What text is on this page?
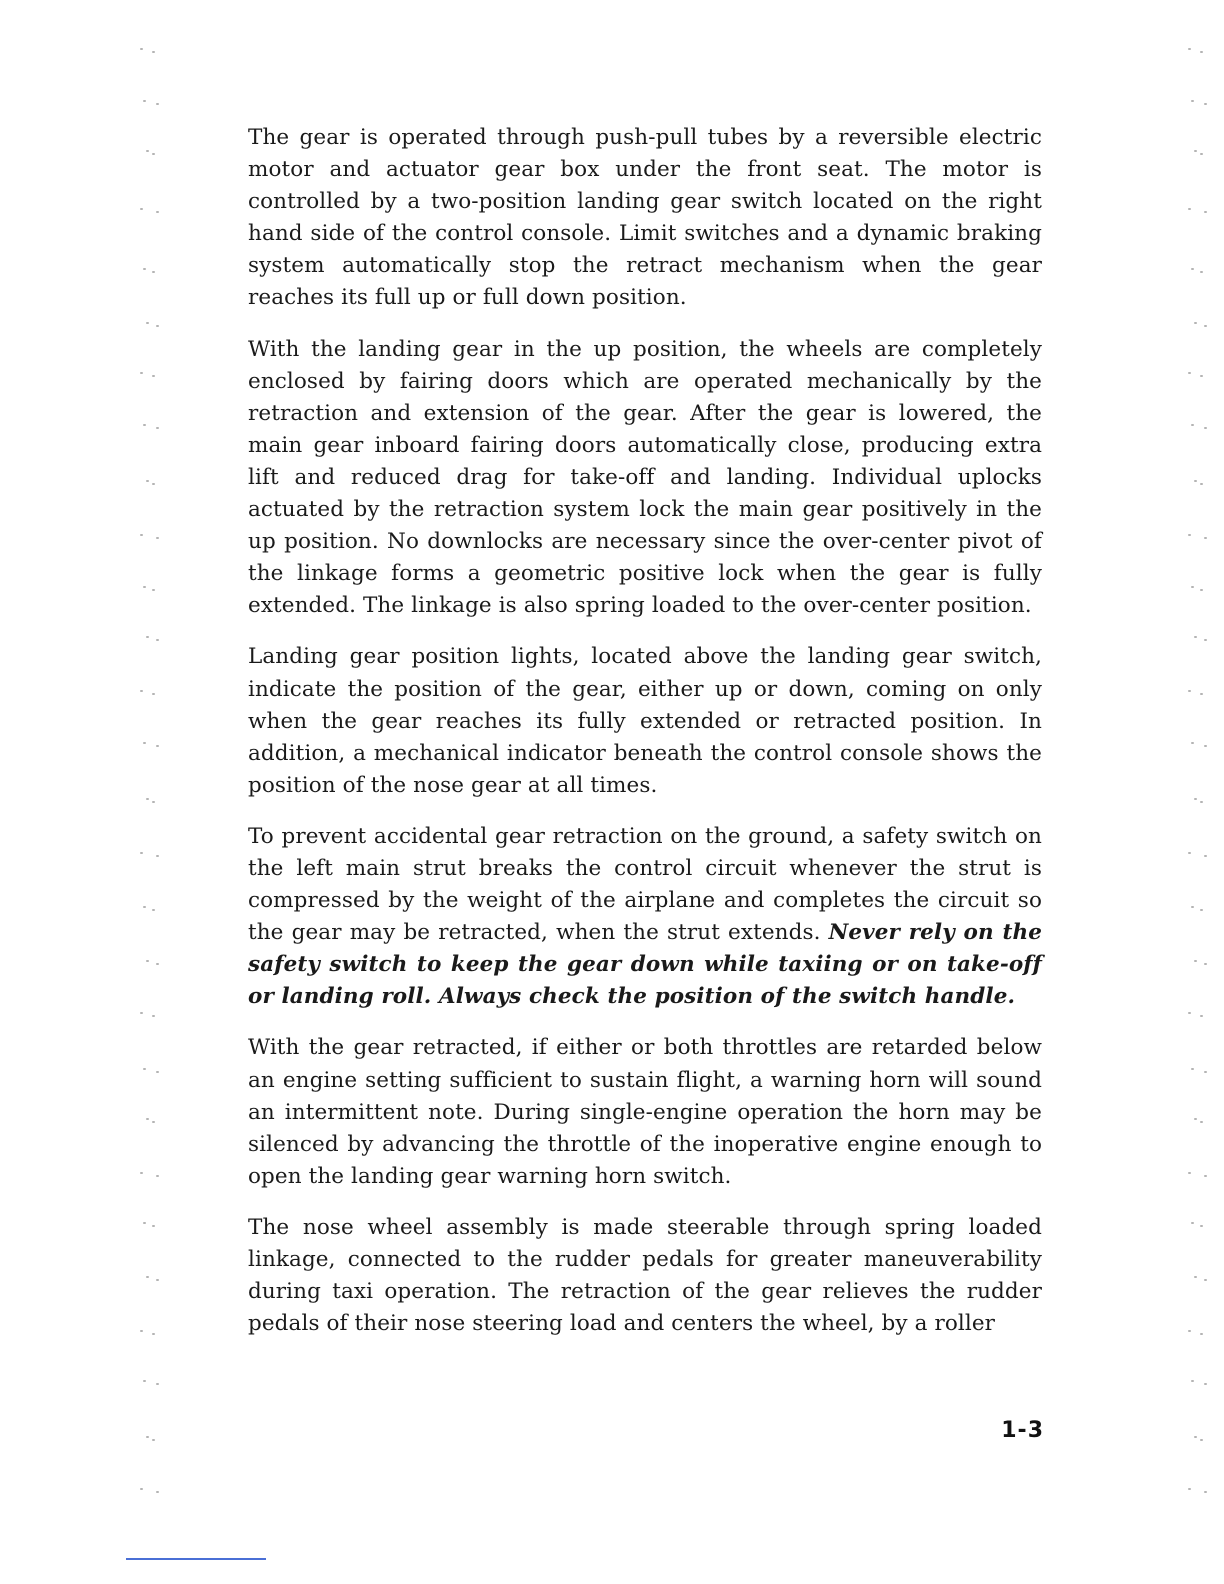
The gear is operated through push-pull tubes by a reversible electric motor and actuator gear box under the front seat. The motor is controlled by a two-position landing gear switch located on the right hand side of the control console. Limit switches and a dynamic braking system automatically stop the retract mechanism when the gear reaches its full up or full down position.

With the landing gear in the up position, the wheels are completely enclosed by fairing doors which are operated mechanically by the retraction and extension of the gear. After the gear is lowered, the main gear inboard fairing doors automatically close, producing extra lift and reduced drag for take-off and landing. Individual uplocks actuated by the retraction system lock the main gear positively in the up position. No downlocks are necessary since the over-center pivot of the linkage forms a geometric positive lock when the gear is fully extended. The linkage is also spring loaded to the over-center position.

Landing gear position lights, located above the landing gear switch, indicate the position of the gear, either up or down, coming on only when the gear reaches its fully extended or retracted position. In addition, a mechanical indicator beneath the control console shows the position of the nose gear at all times.

To prevent accidental gear retraction on the ground, a safety switch on the left main strut breaks the control circuit whenever the strut is compressed by the weight of the airplane and completes the circuit so the gear may be retracted, when the strut extends. Never rely on the safety switch to keep the gear down while taxiing or on take-off or landing roll. Always check the position of the switch handle.

With the gear retracted, if either or both throttles are retarded below an engine setting sufficient to sustain flight, a warning horn will sound an intermittent note. During single-engine operation the horn may be silenced by advancing the throttle of the inoperative engine enough to open the landing gear warning horn switch.

The nose wheel assembly is made steerable through spring loaded linkage, connected to the rudder pedals for greater maneuverability during taxi operation. The retraction of the gear relieves the rudder pedals of their nose steering load and centers the wheel, by a roller

1-3
